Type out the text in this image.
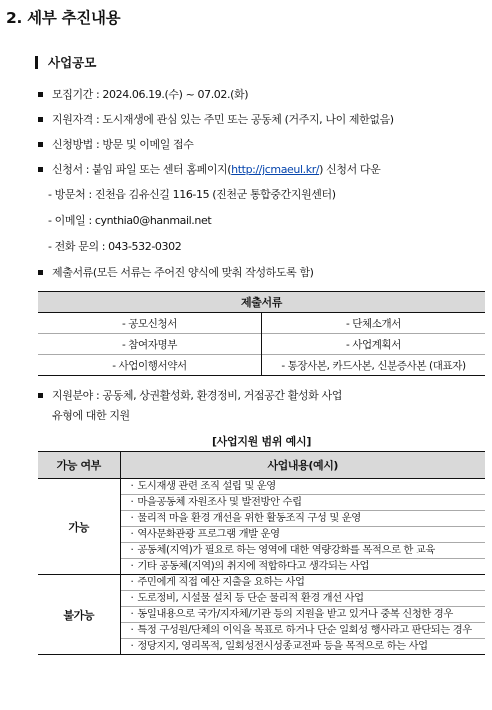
2. 세부 추진내용
사업공모
모집기간 : 2024.06.19.(수) ~ 07.02.(화)
지원자격 : 도시재생에 관심 있는 주민 또는 공동체 (거주지, 나이 제한없음)
신청방법 : 방문 및 이메일 접수
신청서 : 붙임 파일 또는 센터 홈페이지(http://jcmaeul.kr/) 신청서 다운
- 방문처 : 진천읍 김유신길 116-15 (진천군 통합중간지원센터)
- 이메일 : cynthia0@hanmail.net
- 전화 문의 : 043-532-0302
제출서류(모든 서류는 주어진 양식에 맞춰 작성하도록 함)
제출서류	
- 공모신청서	- 단체소개서
- 참여자명부	- 사업계획서
- 사업이행서약서	- 통장사본, 카드사본, 신분증사본 (대표자)
지원분야 : 공동체, 상권활성화, 환경정비, 거점공간 활성화 사업
유형에 대한 지원
[사업지원 범위 예시]
가능 여부	사업내용(예시)
가능	· 도시재생 관련 조직 설립 및 운영
	· 마을공동체 자원조사 및 발전방안 수립
	· 물리적 마을 환경 개선을 위한 활동조직 구성 및 운영
	· 역사문화관광 프로그램 개발 운영
	· 공동체(지역)가 필요로 하는 영역에 대한 역량강화를 목적으로 한 교육
	· 기타 공동체(지역)의 취지에 적합하다고 생각되는 사업
불가능	· 주민에게 직접 예산 지출을 요하는 사업
	· 도로정비, 시설물 설치 등 단순 물리적 환경 개선 사업

	· 동일내용으로 국가/지자체/기관 등의 지원을 받고 있거나 중복 신청한 경우

	· 특정 구성원/단체의 이익을 목표로 하거나 단순 일회성 행사라고 판단되는 경우

	· 정당지지, 영리목적, 일회성전시성종교전파 등을 목적으로 하는 사업
